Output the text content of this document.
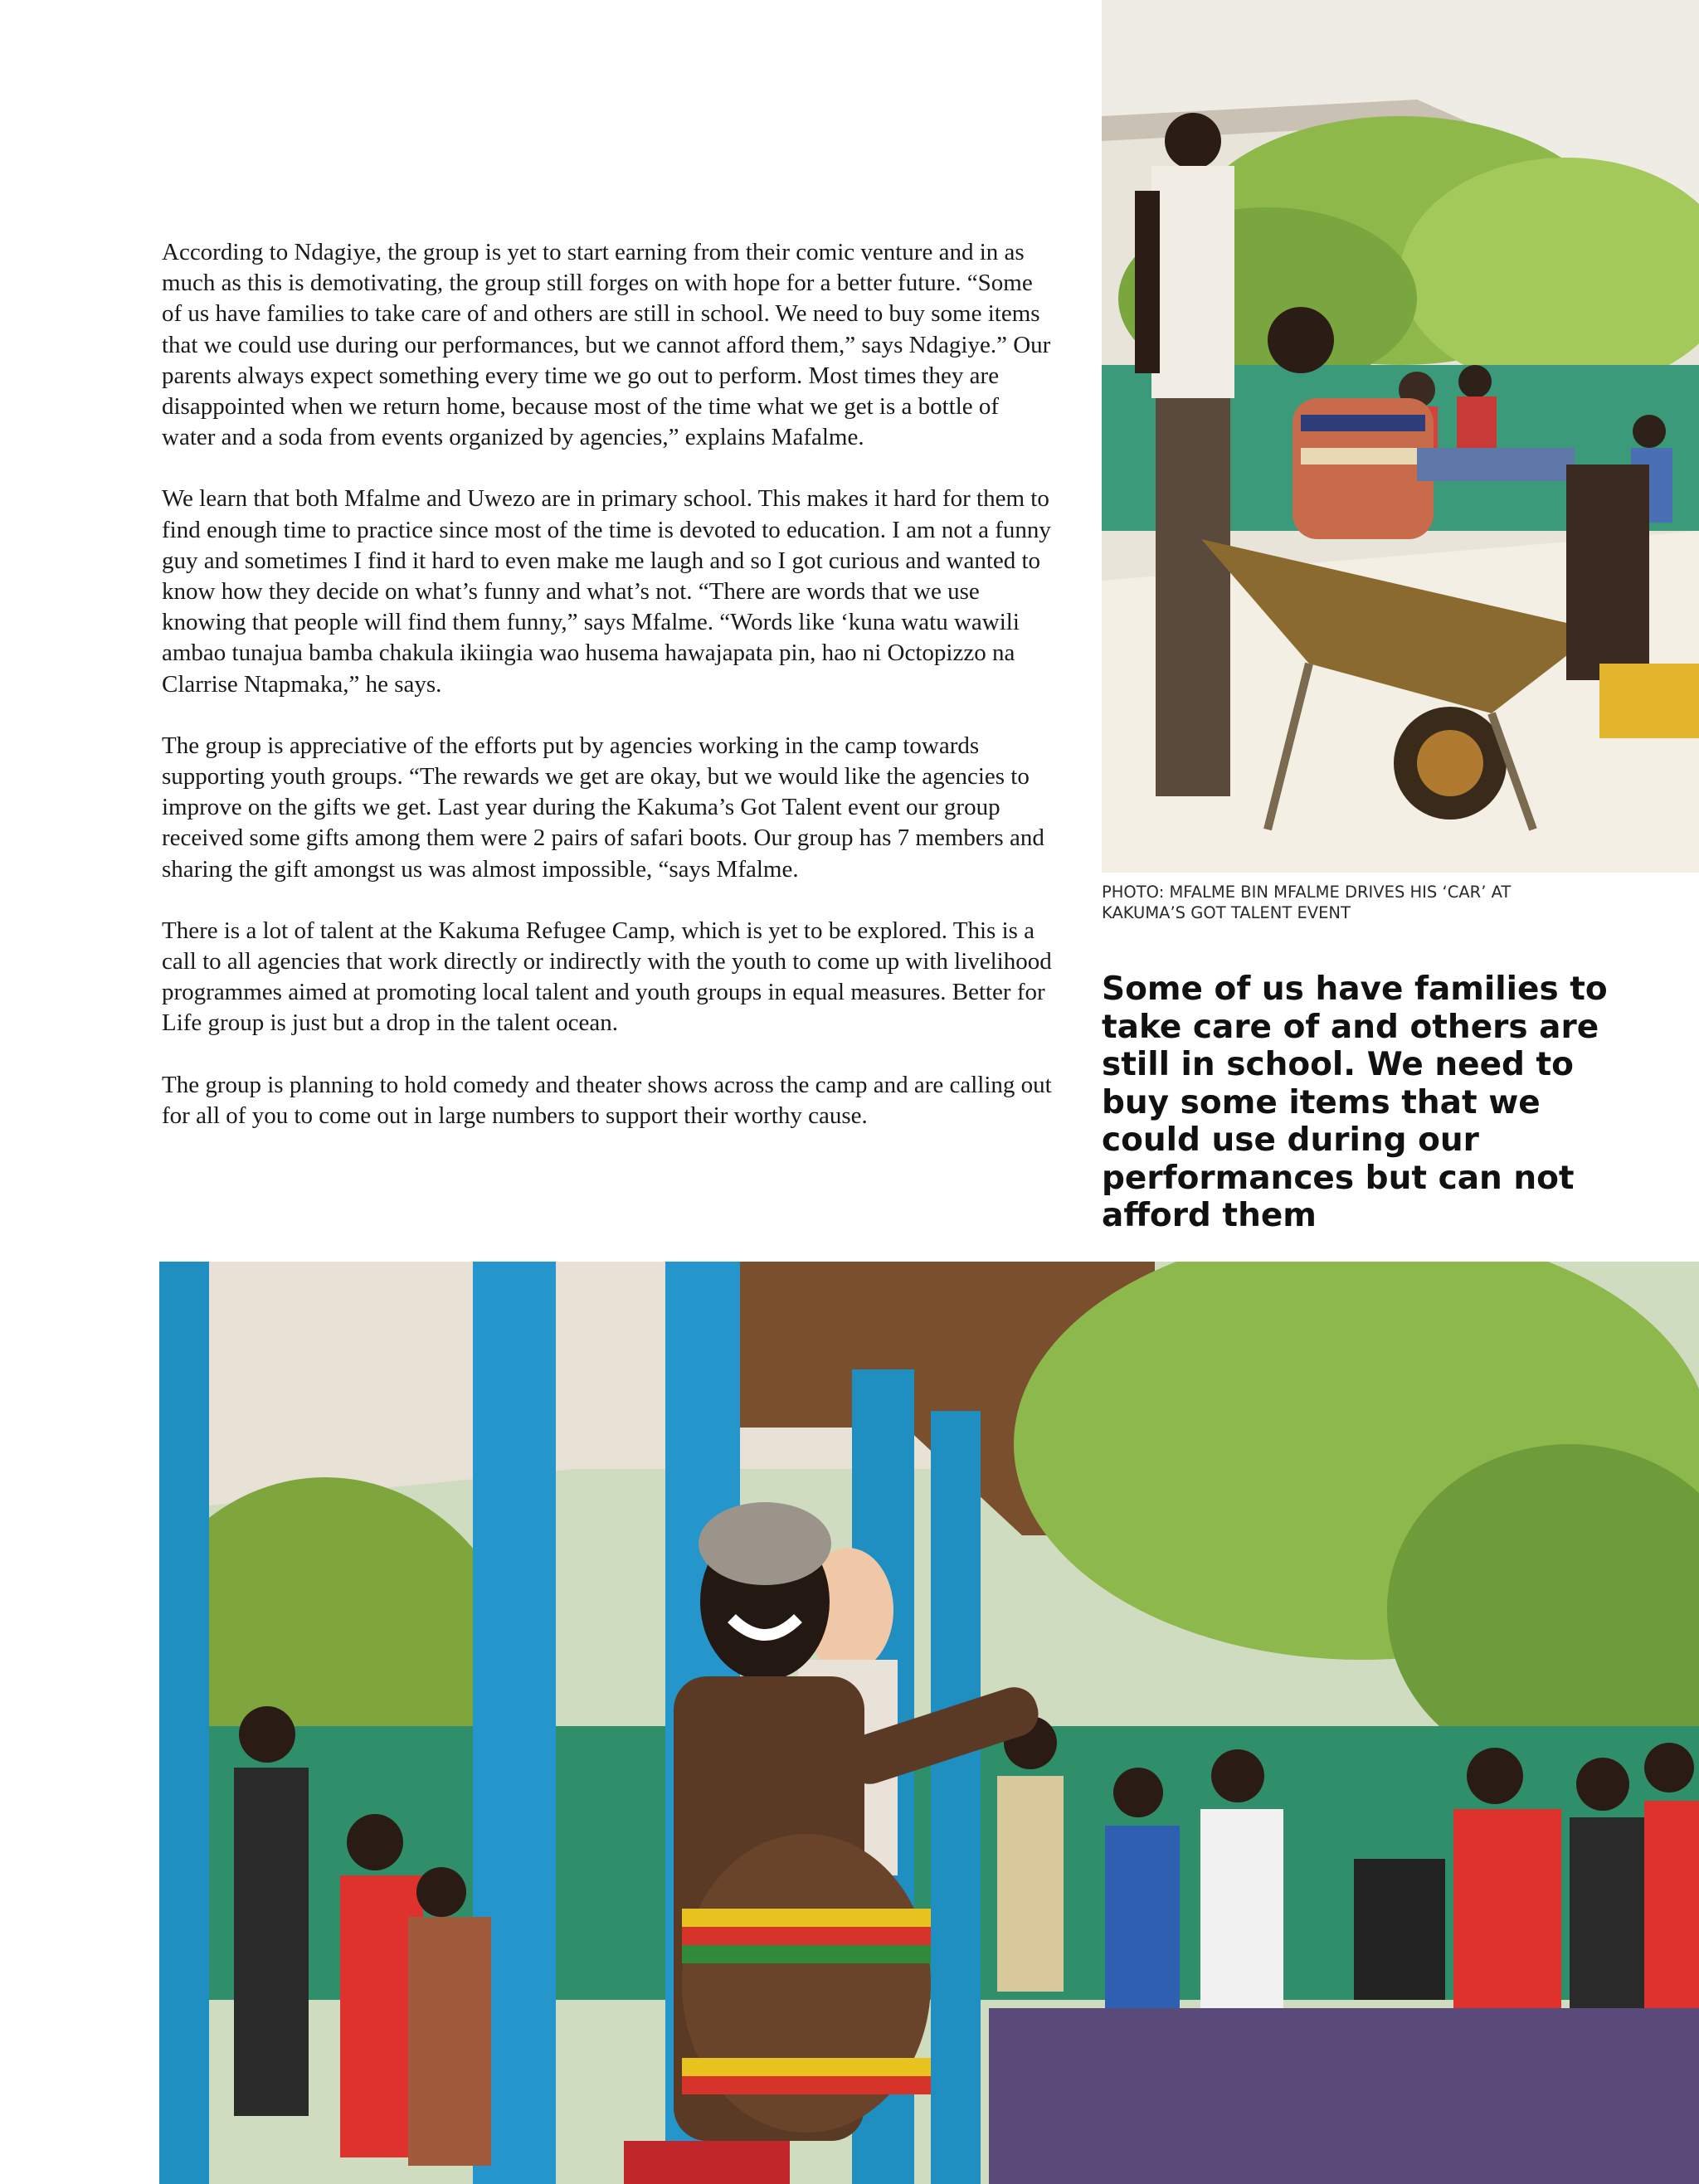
According to Ndagiye, the group is yet to start earning from their comic venture and in as much as this is demotivating, the group still forges on with hope for a better future. “Some of us have families to take care of and others are still in school. We need to buy some items that we could use during our performances, but we cannot afford them,” says Ndagiye.” Our parents always expect something every time we go out to perform. Most times they are disappointed when we return home, because most of the time what we get is a bottle of water and a soda from events organized by agencies,” explains Mafalme.

We learn that both Mfalme and Uwezo are in primary school. This makes it hard for them to find enough time to practice since most of the time is devoted to education. I am not a funny guy and sometimes I find it hard to even make me laugh and so I got curious and wanted to know how they decide on what’s funny and what’s not. “There are words that we use knowing that people will find them funny,” says Mfalme. “Words like ‘kuna watu wawili ambao tunajua bamba chakula ikiingia wao husema hawajapata pin, hao ni Octopizzo na Clarrise Ntapmaka,” he says.

The group is appreciative of the efforts put by agencies working in the camp towards supporting youth groups. “The rewards we get are okay, but we would like the agencies to improve on the gifts we get. Last year during the Kakuma’s Got Talent event our group received some gifts among them were 2 pairs of safari boots. Our group has 7 members and sharing the gift amongst us was almost impossible, “says Mfalme.

There is a lot of talent at the Kakuma Refugee Camp, which is yet to be explored. This is a call to all agencies that work directly or indirectly with the youth to come up with livelihood programmes aimed at promoting local talent and youth groups in equal measures. Better for Life group is just but a drop in the talent ocean.

The group is planning to hold comedy and theater shows across the camp and are calling out for all of you to come out in large numbers to support their worthy cause.

PHOTO: MFALME BIN MFALME DRIVES HIS ‘CAR’ AT KAKUMA’S GOT TALENT EVENT
Some of us have families to take care of and others are still in school. We need to buy some items that we could use during our performances but can not afford them
